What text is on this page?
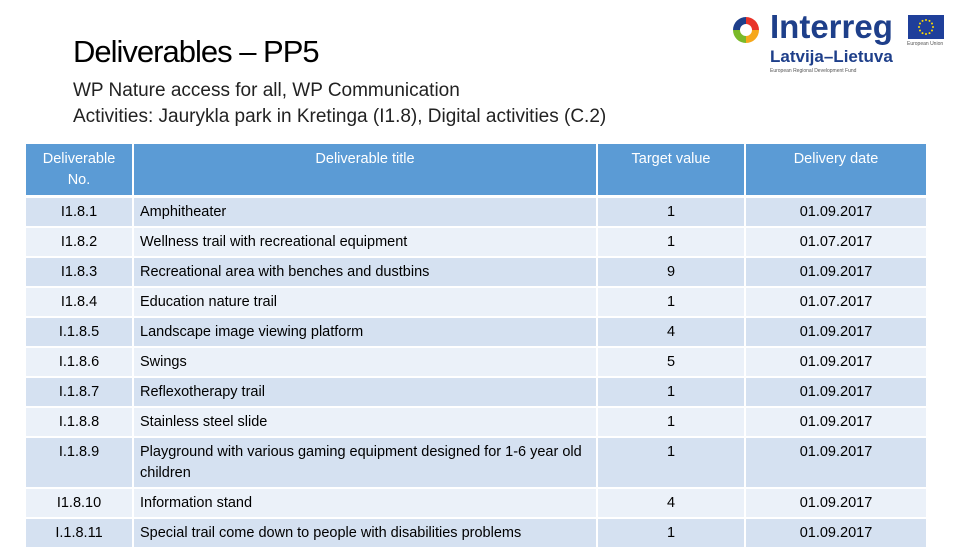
Deliverables – PP5
WP Nature access for all, WP Communication
Activities: Jaurykla park in Kretinga (I1.8), Digital activities (C.2)
Interreg
Latvija–Lietuva
European Regional Development Fund
European Union
Deliverable No.	Deliverable title	Target value	Delivery date
I1.8.1	Amphitheater	1	01.09.2017
I1.8.2	Wellness trail with recreational equipment	1	01.07.2017
I1.8.3	Recreational area with benches and dustbins	9	01.09.2017
I1.8.4	Education nature trail	1	01.07.2017
I.1.8.5	Landscape image viewing platform	4	01.09.2017
I.1.8.6	Swings	5	01.09.2017
I.1.8.7	Reflexotherapy trail	1	01.09.2017
I.1.8.8	Stainless steel slide	1	01.09.2017
I.1.8.9	Playground with various gaming equipment designed for 1-6 year old children	1	01.09.2017
I1.8.10	Information stand	4	01.09.2017
I.1.8.11	Special trail come down to people with disabilities problems	1	01.09.2017
